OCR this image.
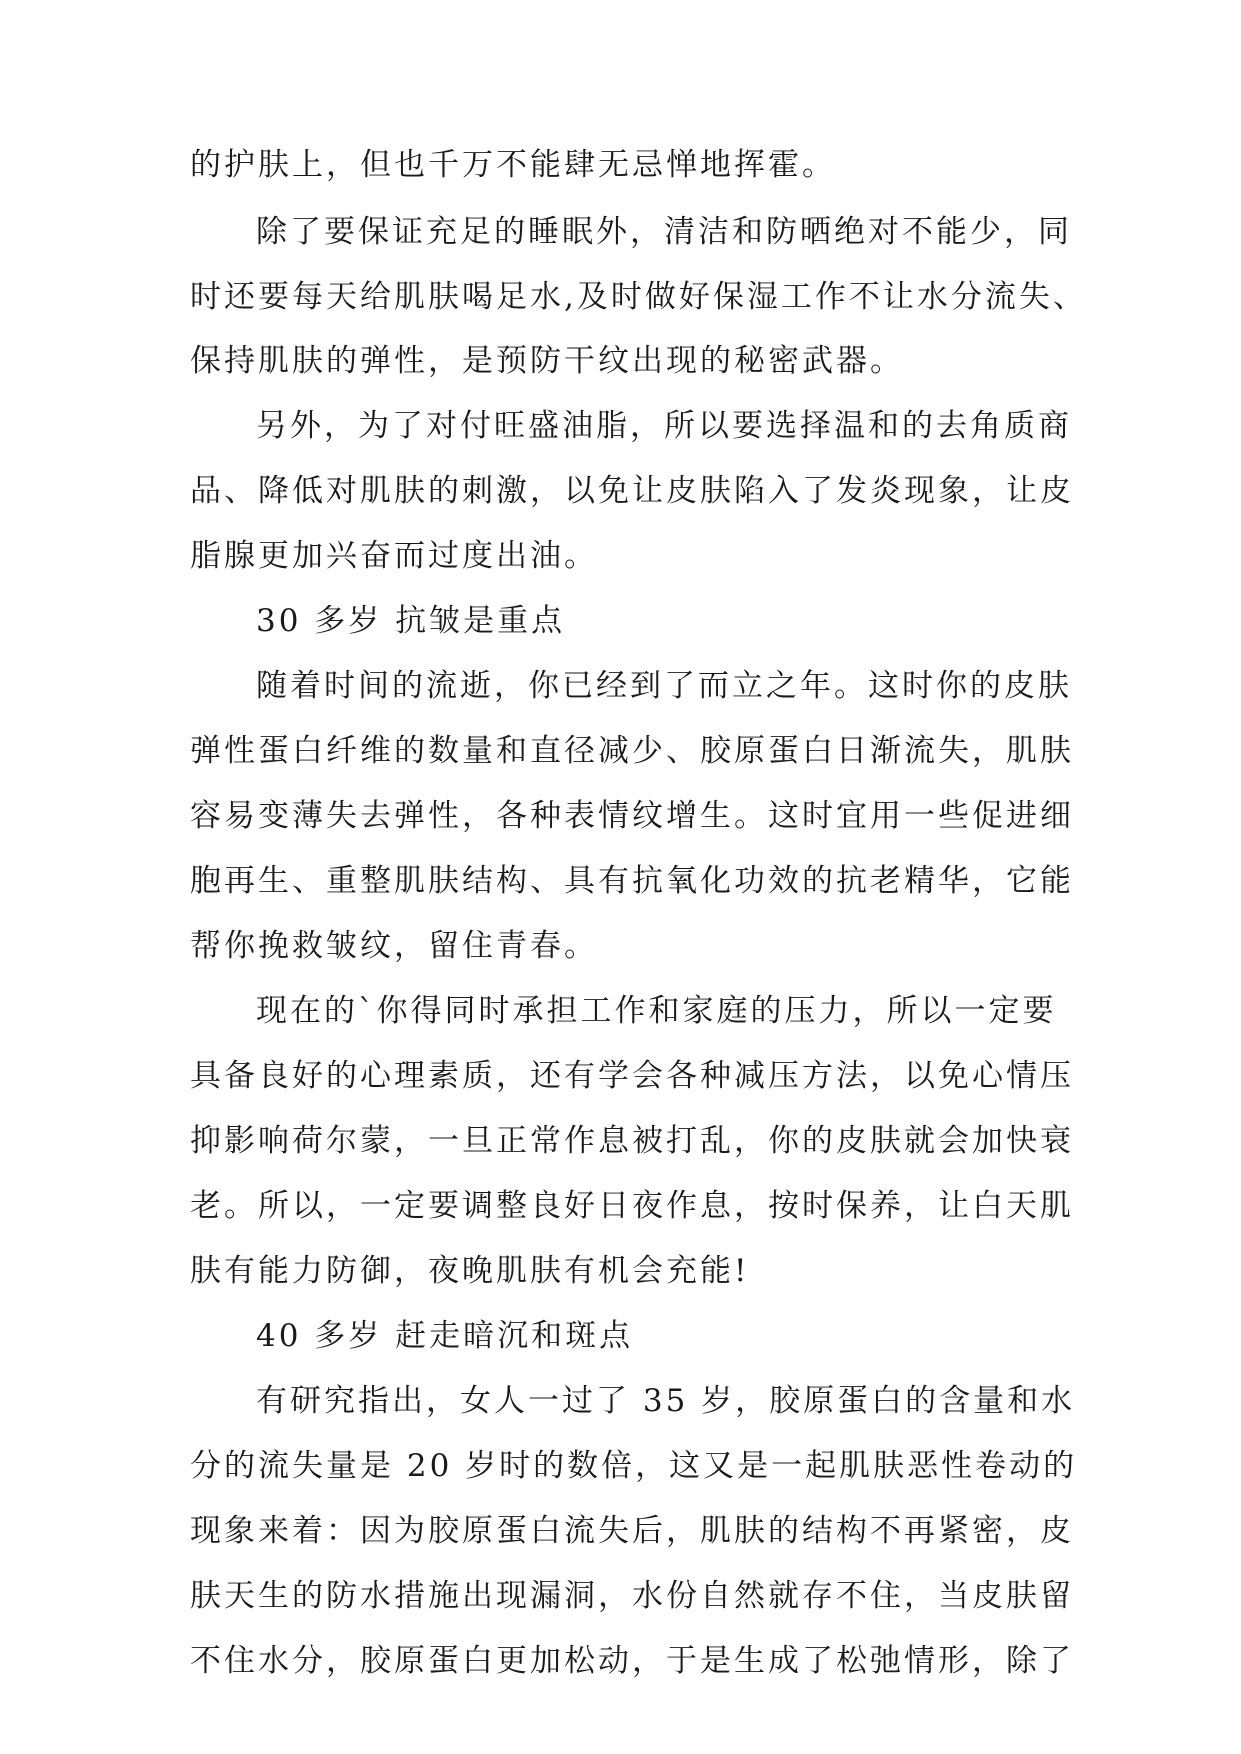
的护肤上，但也千万不能肆无忌惮地挥霍。
除了要保证充足的睡眠外，清洁和防晒绝对不能少，同
时还要每天给肌肤喝足水,及时做好保湿工作不让水分流失、
保持肌肤的弹性，是预防干纹出现的秘密武器。
另外，为了对付旺盛油脂，所以要选择温和的去角质商
品、降低对肌肤的刺激，以免让皮肤陷入了发炎现象，让皮
脂腺更加兴奋而过度出油。
30 多岁 抗皱是重点
随着时间的流逝，你已经到了而立之年。这时你的皮肤
弹性蛋白纤维的数量和直径减少、胶原蛋白日渐流失，肌肤
容易变薄失去弹性，各种表情纹增生。这时宜用一些促进细
胞再生、重整肌肤结构、具有抗氧化功效的抗老精华，它能
帮你挽救皱纹，留住青春。
现在的`你得同时承担工作和家庭的压力，所以一定要
具备良好的心理素质，还有学会各种减压方法，以免心情压
抑影响荷尔蒙，一旦正常作息被打乱，你的皮肤就会加快衰
老。所以，一定要调整良好日夜作息，按时保养，让白天肌
肤有能力防御，夜晚肌肤有机会充能!
40 多岁 赶走暗沉和斑点
有研究指出，女人一过了 35 岁，胶原蛋白的含量和水
分的流失量是 20 岁时的数倍，这又是一起肌肤恶性卷动的
现象来着：因为胶原蛋白流失后，肌肤的结构不再紧密，皮
肤天生的防水措施出现漏洞，水份自然就存不住，当皮肤留
不住水分，胶原蛋白更加松动，于是生成了松弛情形，除了
